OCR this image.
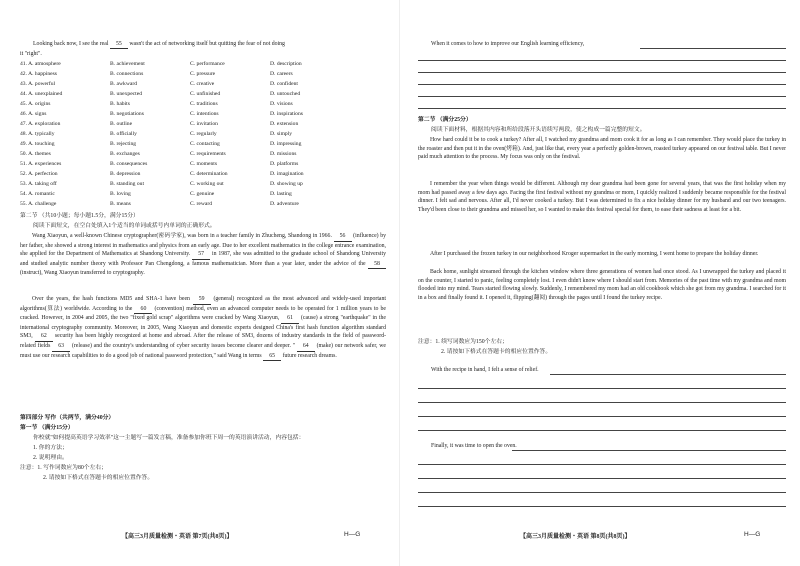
Looking back now, I see the real 55 wasn't the act of networking itself but quitting the fear of not doing
it "right".
41. A. atmosphere	B. achievement	C. performance	D. description
42. A. happiness	B. connections	C. pressure	D. careers
43. A. powerful	B. awkward	C. creative	D. confident
44. A. unexplained	B. unexpected	C. unfinished	D. untouched
45. A. origins	B. habits	C. traditions	D. visions
46. A. signs	B. negotiations	C. intentions	D. inspirations
47. A. exploration	B. outline	C. invitation	D. extension
48. A. typically	B. officially	C. regularly	D. simply
49. A. touching	B. rejecting	C. contacting	D. impressing
50. A. themes	B. exchanges	C. requirements	D. missions
51. A. experiences	B. consequences	C. moments	D. platforms
52. A. perfection	B. depression	C. determination	D. imagination
53. A. taking off	B. standing out	C. working out	D. showing up
54. A. romantic	B. loving	C. genuine	D. lasting
55. A. challenge	B. means	C. reward	D. adventure
第二节 （共10小题；每小题1.5分，满分15分）
阅读下面短文，在空白处填入1个适当的单词或括号内单词的正确形式。
Wang Xiaoyun, a well-known Chinese cryptographer(密码学家), was born in a teacher family in Zhucheng, Shandong in 1966. 56 (influence) by her father, she showed a strong interest in mathematics and physics from an early age. Due to her excellent mathematics in the college entrance examination, she applied for the Department of Mathematics at Shandong University. 57 in 1987, she was admitted to the graduate school of Shandong University and studied analytic number theory with Professor Pan Chengdong, a famous mathematician. More than a year later, under the advice of the 58 (instruct), Wang Xiaoyun transferred to cryptography.
Over the years, the hash functions MD5 and SHA-1 have been 59 (general) recognized as the most advanced and widely-used important algorithms(算法) worldwide. According to the 60 (convention) method, even an advanced computer needs to be operated for 1 million years to be cracked. However, in 2004 and 2005, the two "fixed gold scrap" algorithms were cracked by Wang Xiaoyun, 61 (cause) a strong "earthquake" in the international cryptography community. Moreover, in 2005, Wang Xiaoyun and domestic experts designed China's first hash function algorithm standard SM3, 62 security has been highly recognized at home and abroad. After the release of SM3, dozens of industry standards in the field of password-related fields 63 (release) and the country's understanding of cyber security issues become clearer and deeper. " 64 (make) our network safer, we must use our research capabilities to do a good job of national password protection," said Wang in terms 65 future research dreams.
第四部分 写作（共两节，满分40分）
第一节 （满分15分）
你校就"如何提高英语学习效率"这一主题写一篇发言稿，准备参加你班下周一的英语演讲活动，内容包括：
1. 你的方法；
2. 说明理由。
注意：1. 写作词数应为80个左右；
2. 请按如下格式在答题卡的相应位置作答。
【高三3月质量检测・英语 第7页(共8页)】	H—G
When it comes to how to improve our English learning efficiency,
第二节 （满分25分）
阅读下面材料，根据其内容和所给段落开头语续写两段，使之构成一篇完整的短文。
How hard could it be to cook a turkey? After all, I watched my grandma and mom cook it for as long as I can remember. They would place the turkey in the roaster and then put it in the oven(烤箱). And, just like that, every year a perfectly golden-brown, roasted turkey appeared on our festival table. But I never paid much attention to the process. My focus was only on the festival.
I remember the year when things would be different. Although my dear grandma had been gone for several years, that was the first holiday when my mom had passed away a few days ago. Facing the first festival without my grandma or mom, I quickly realized I suddenly became responsible for the festival dinner. I felt sad and nervous. After all, I'd never cooked a turkey. But I was determined to fix a nice holiday dinner for my husband and our two teenagers. They'd been close to their grandma and missed her, so I wanted to make this festival special for them, to ease their sadness at least for a bit.
After I purchased the frozen turkey in our neighborhood Kroger supermarket in the early morning, I went home to prepare the holiday dinner.
Back home, sunlight streamed through the kitchen window where three generations of women had once stood. As I unwrapped the turkey and placed it on the counter, I started to panic, feeling completely lost. I even didn't know where I should start from. Memories of the past time with my grandma and mom flooded into my mind. Tears started flowing slowly. Suddenly, I remembered my mom had an old cookbook which she got from my grandma. I searched for it in a box and finally found it. I opened it, flipping(翻阅) through the pages until I found the turkey recipe.
注意：1. 续写词数应为150个左右；
2. 请按如下格式在答题卡的相应位置作答。
With the recipe in hand, I felt a sense of relief.
Finally, it was time to open the oven.
【高三3月质量检测・英语 第8页(共8页)】	H—G
